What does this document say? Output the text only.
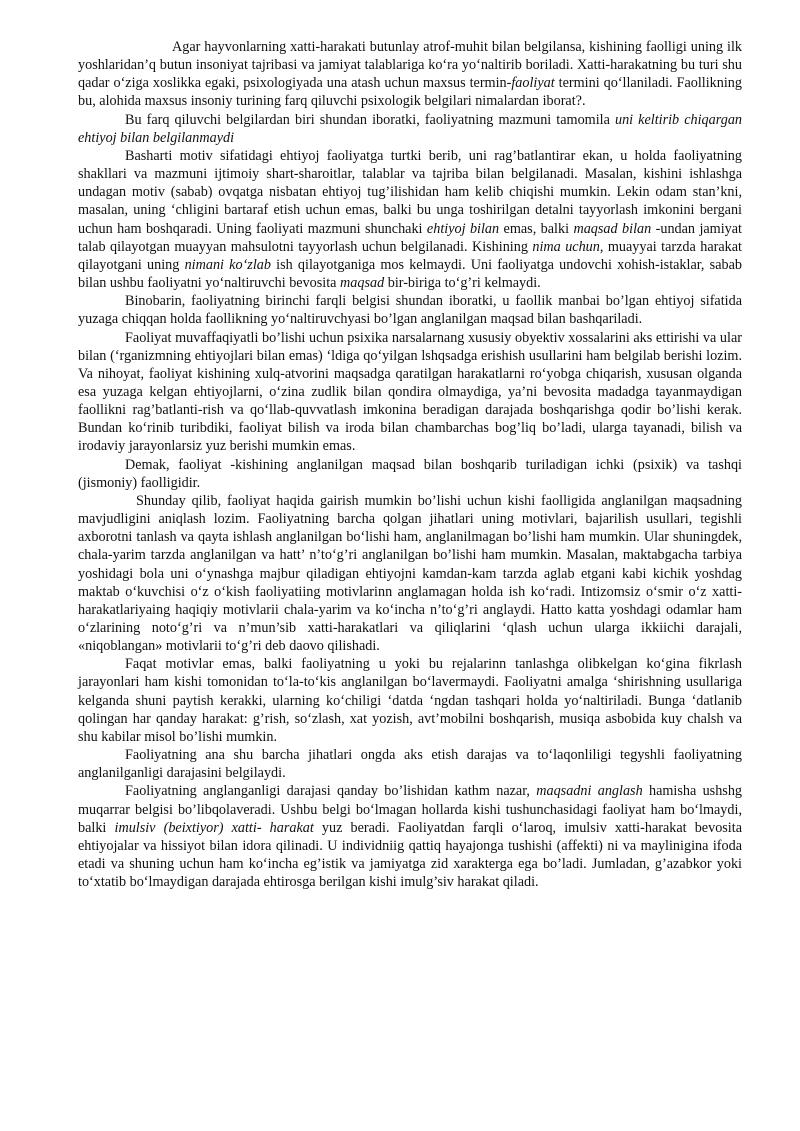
Agar hayvonlarning xatti-harakati butunlay atrof-muhit bilan belgilansa, kishining faolligi uning ilk yoshlaridan’q butun insoniyat tajribasi va jamiyat talablariga ko‘ra yo‘naltirib boriladi. Xatti-harakatning bu turi shu qadar o‘ziga xoslikka egaki, psixologiyada una atash uchun maxsus termin-faoliyat termini qo‘llaniladi. Faollikning bu, alohida maxsus insoniy turining farq qiluvchi psixologik belgilari nimalardan iborat?.

Bu farq qiluvchi belgilardan biri shundan iboratki, faoliyatning mazmuni tamomila uni keltirib chiqargan ehtiyoj bilan belgilanmaydi

Basharti motiv sifatidagi ehtiyoj faoliyatga turtki berib, uni rag’batlantirar ekan, u holda faoliyatning shakllari va mazmuni ijtimoiy shart-sharoitlar, talablar va tajriba bilan belgilanadi. Masalan, kishini ishlashga undagan motiv (sabab) ovqatga nisbatan ehtiyoj tug’ilishidan ham kelib chiqishi mumkin. Lekin odam stan’kni, masalan, uning ‘chligini bartaraf etish uchun emas, balki bu unga toshirilgan detalni tayyorlash imkonini bergani uchun ham boshqaradi. Uning faoliyati mazmuni shunchaki ehtiyoj bilan emas, balki maqsad bilan -undan jamiyat talab qilayotgan muayyan mahsulotni tayyorlash uchun belgilanadi. Kishining nima uchun, muayyai tarzda harakat qilayotgani uning nimani ko‘zlab ish qilayotganiga mos kelmaydi. Uni faoliyatga undovchi xohish-istaklar, sabab bilan ushbu faoliyatni yo‘naltiruvchi bevosita maqsad bir-biriga to‘g’ri kelmaydi.

Binobarin, faoliyatning birinchi farqli belgisi shundan iboratki, u faollik manbai bo’lgan ehtiyoj sifatida yuzaga chiqqan holda faollikning yo‘naltiruvchyasi bo’lgan anglanilgan maqsad bilan bashqariladi.

Faoliyat muvaffaqiyatli bo’lishi uchun psixika narsalarnang xususiy obyektiv xossalarini aks ettirishi va ular bilan (‘rganizmning ehtiyojlari bilan emas) ‘ldiga qo‘yilgan lshqsadga erishish usullarini ham belgilab berishi lozim. Va nihoyat, faoliyat kishining xulq-atvorini maqsadga qaratilgan harakatlarni ro‘yobga chiqarish, xususan olganda esa yuzaga kelgan ehtiyojlarni, o‘zina zudlik bilan qondira olmaydiga, ya’ni bevosita madadga tayanmaydigan faollikni rag’batlanti-rish va qo‘llab-quvvatlash imkonina beradigan darajada boshqarishga qodir bo’lishi kerak. Bundan ko‘rinib turibdiki, faoliyat bilish va iroda bilan chambarchas bog’liq bo’ladi, ularga tayanadi, bilish va irodaviy jarayonlarsiz yuz berishi mumkin emas.

Demak, faoliyat -kishining anglanilgan maqsad bilan boshqarib turiladigan ichki (psixik) va tashqi (jismoniy) faolligidir.

Shunday qilib, faoliyat haqida gairish mumkin bo’lishi uchun kishi faolligida anglanilgan maqsadning mavjudligini aniqlash lozim. Faoliyatning barcha qolgan jihatlari uning motivlari, bajarilish usullari, tegishli axborotni tanlash va qayta ishlash anglanilgan bo‘lishi ham, anglanilmagan bo’lishi ham mumkin. Ular shuningdek, chala-yarim tarzda anglanilgan va hatt’ n’to‘g’ri anglanilgan bo’lishi ham mumkin. Masalan, maktabgacha tarbiya yoshidagi bola uni o‘ynashga majbur qiladigan ehtiyojni kamdan-kam tarzda aglab etgani kabi kichik yoshdag maktab o‘kuvchisi o‘z o‘kish faoliyatiing motivlarinn anglamagan holda ish ko‘radi. Intizomsiz o‘smir o‘z xatti-harakatlariyaing haqiqiy motivlarii chala-yarim va ko‘incha n’to‘g’ri anglaydi. Hatto katta yoshdagi odamlar ham o‘zlarining noto‘g’ri va n’mun’sib xatti-harakatlari va qiliqlarini ‘qlash uchun ularga ikkiichi darajali, «niqoblangan» motivlarii to‘g’ri deb daovo qilishadi.

Faqat motivlar emas, balki faoliyatning u yoki bu rejalarinn tanlashga olibkelgan ko‘gina fikrlash jarayonlari ham kishi tomonidan to‘la-to‘kis anglanilgan bo‘lavermaydi. Faoliyatni amalga ‘shirishning usullariga kelganda shuni paytish kerakki, ularning ko‘chiligi ‘datda ‘ngdan tashqari holda yo‘naltiriladi. Bunga ‘datlanib qolingan har qanday harakat: g’rish, so‘zlash, xat yozish, avt’mobilni boshqarish, musiqa asbobida kuy chalsh va shu kabilar misol bo’lishi mumkin.

Faoliyatning ana shu barcha jihatlari ongda aks etish darajas va to‘laqonliligi tegyshli faoliyatning anglanilganligi darajasini belgilaydi.

Faoliyatning anglanganligi darajasi qanday bo’lishidan kathm nazar, maqsadni anglash hamisha ushshg muqarrar belgisi bo’libqolaveradi. Ushbu belgi bo‘lmagan hollarda kishi tushunchasidagi faoliyat ham bo‘lmaydi, balki imulsiv (beixtiyor) xatti- harakat yuz beradi. Faoliyatdan farqli o‘laroq, imulsiv xatti-harakat bevosita ehtiyojalar va hissiyot bilan idora qilinadi. U individniig qattiq hayajonga tushishi (affekti) ni va maylinigina ifoda etadi va shuning uchun ham ko‘incha eg’istik va jamiyatga zid xarakterga ega bo’ladi. Jumladan, g’azabkor yoki to‘xtatib bo‘lmaydigan darajada ehtirosga berilgan kishi imulg’siv harakat qiladi.
